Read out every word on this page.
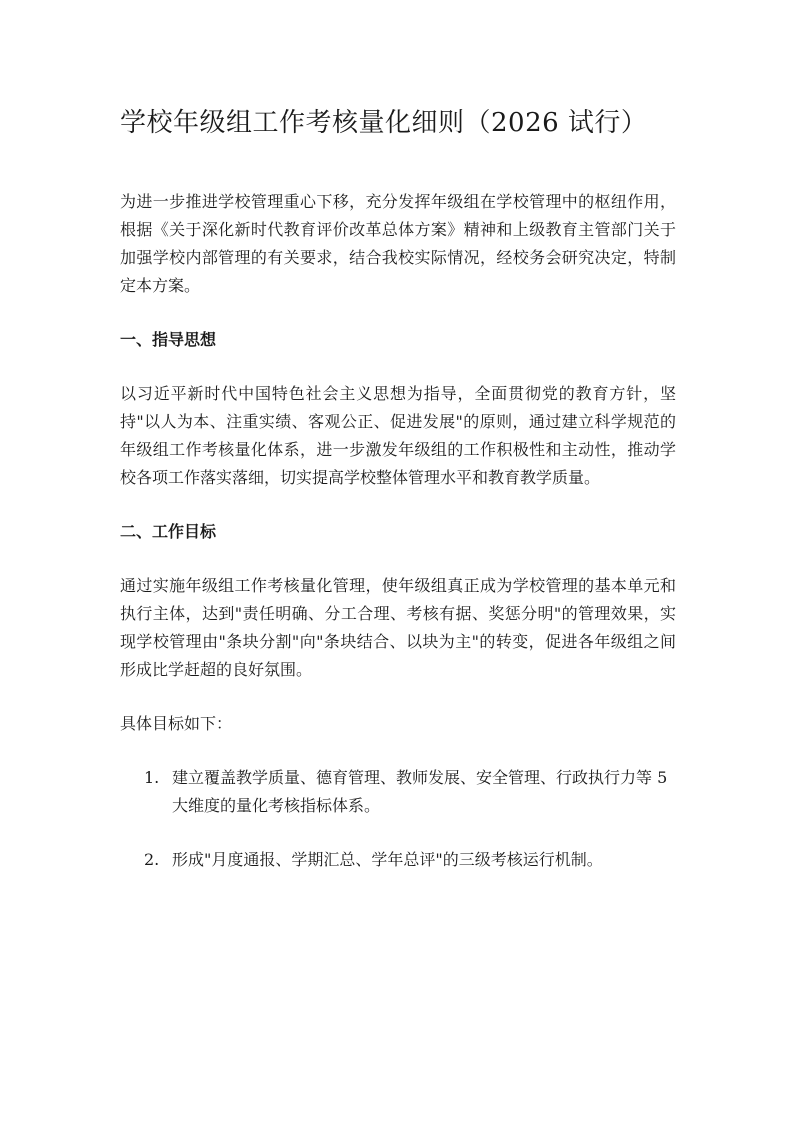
学校年级组工作考核量化细则（2026 试行）

为进一步推进学校管理重心下移，充分发挥年级组在学校管理中的枢纽作用，根据《关于深化新时代教育评价改革总体方案》精神和上级教育主管部门关于加强学校内部管理的有关要求，结合我校实际情况，经校务会研究决定，特制定本方案。

一、指导思想

以习近平新时代中国特色社会主义思想为指导，全面贯彻党的教育方针，坚持"以人为本、注重实绩、客观公正、促进发展"的原则，通过建立科学规范的年级组工作考核量化体系，进一步激发年级组的工作积极性和主动性，推动学校各项工作落实落细，切实提高学校整体管理水平和教育教学质量。

二、工作目标

通过实施年级组工作考核量化管理，使年级组真正成为学校管理的基本单元和执行主体，达到"责任明确、分工合理、考核有据、奖惩分明"的管理效果，实现学校管理由"条块分割"向"条块结合、以块为主"的转变，促进各年级组之间形成比学赶超的良好氛围。

具体目标如下：

1. 建立覆盖教学质量、德育管理、教师发展、安全管理、行政执行力等 5 大维度的量化考核指标体系。
2. 形成"月度通报、学期汇总、学年总评"的三级考核运行机制。
